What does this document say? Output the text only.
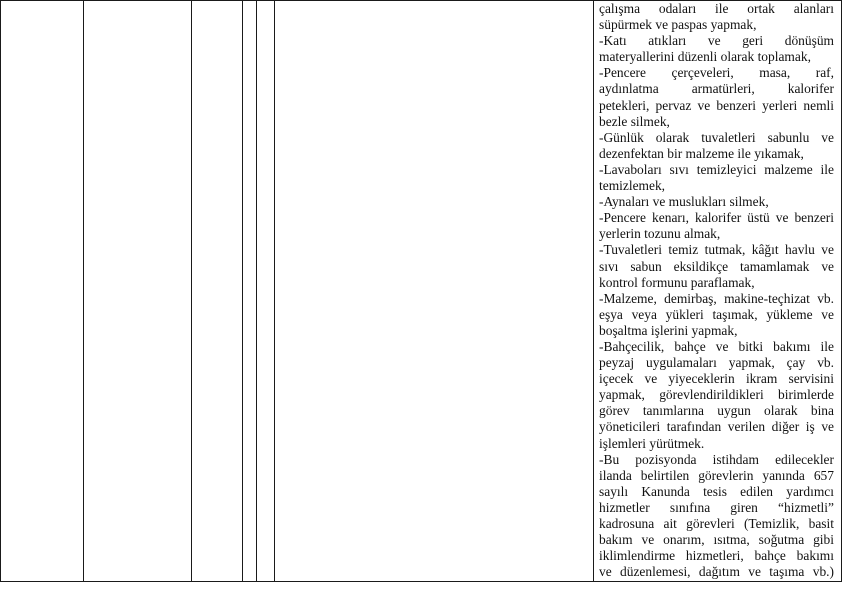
çalışma odaları ile ortak alanları
süpürmek ve paspas yapmak,
-Katı atıkları ve geri dönüşüm
materyallerini düzenli olarak toplamak,
-Pencere çerçeveleri, masa, raf,
aydınlatma armatürleri, kalorifer
petekleri, pervaz ve benzeri yerleri nemli
bezle silmek,
-Günlük olarak tuvaletleri sabunlu ve
dezenfektan bir malzeme ile yıkamak,
-Lavaboları sıvı temizleyici malzeme ile
temizlemek,
-Aynaları ve muslukları silmek,
-Pencere kenarı, kalorifer üstü ve benzeri
yerlerin tozunu almak,
-Tuvaletleri temiz tutmak, kâğıt havlu ve
sıvı sabun eksildikçe tamamlamak ve
kontrol formunu paraflamak,
-Malzeme, demirbaş, makine-teçhizat vb.
eşya veya yükleri taşımak, yükleme ve
boşaltma işlerini yapmak,
-Bahçecilik, bahçe ve bitki bakımı ile
peyzaj uygulamaları yapmak, çay vb.
içecek ve yiyeceklerin ikram servisini
yapmak, görevlendirildikleri birimlerde
görev tanımlarına uygun olarak bina
yöneticileri tarafından verilen diğer iş ve
işlemleri yürütmek.
-Bu pozisyonda istihdam edilecekler
ilanda belirtilen görevlerin yanında 657
sayılı Kanunda tesis edilen yardımcı
hizmetler sınıfına giren “hizmetli”
kadrosuna ait görevleri (Temizlik, basit
bakım ve onarım, ısıtma, soğutma gibi
iklimlendirme hizmetleri, bahçe bakımı
ve düzenlemesi, dağıtım ve taşıma vb.)
